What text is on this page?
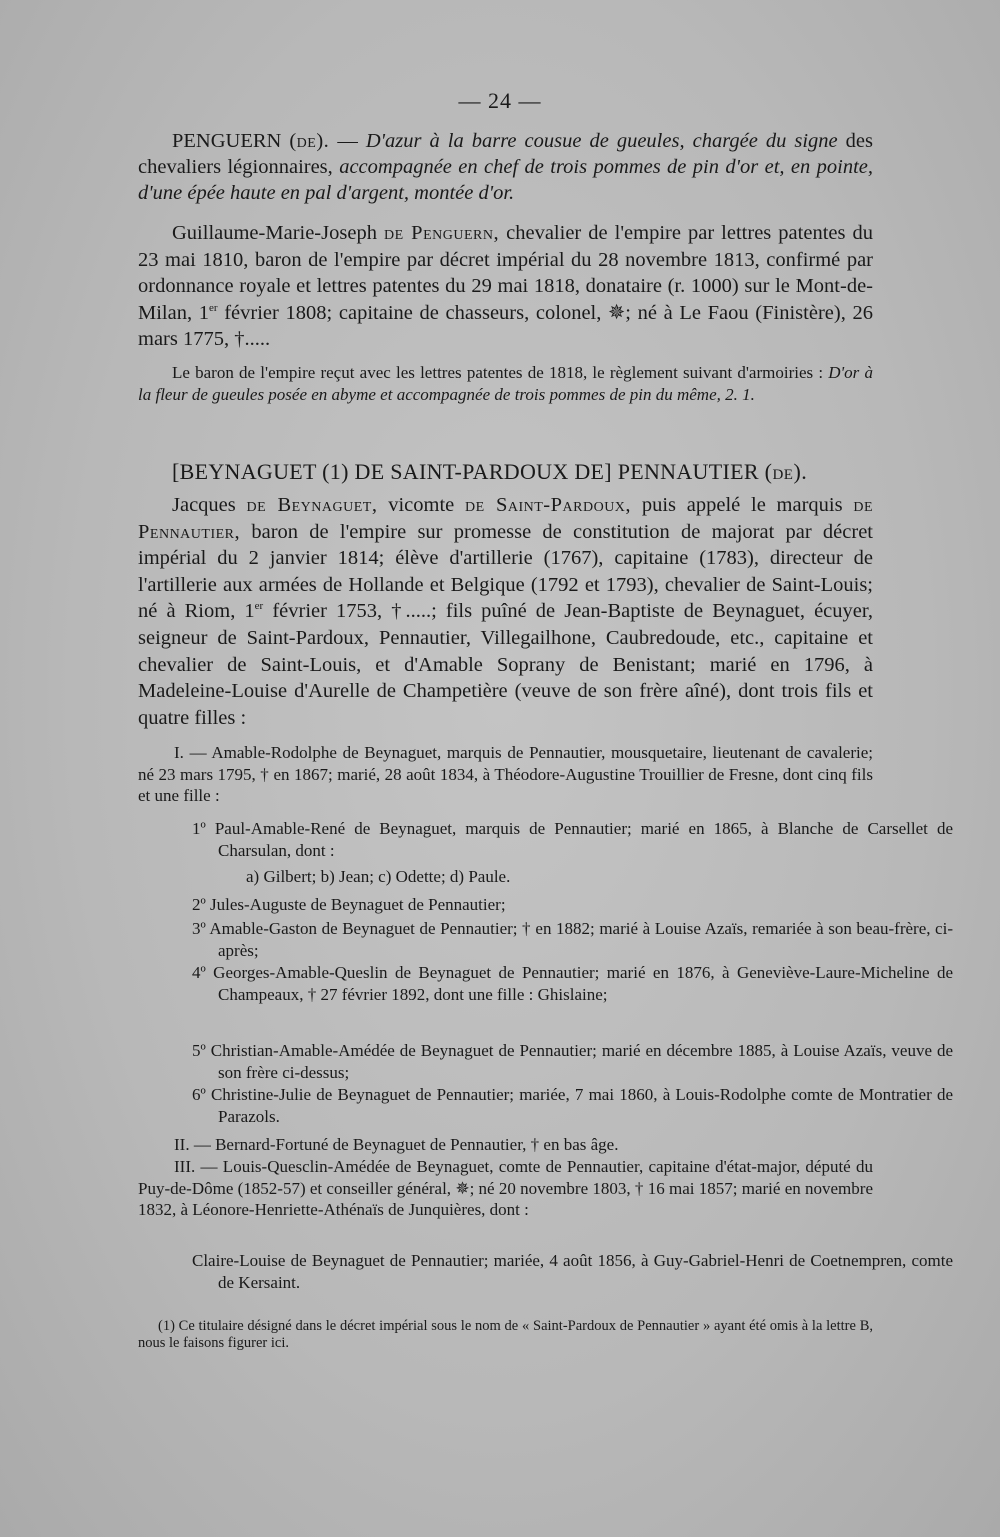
— 24 —

PENGUERN (de). — D'azur à la barre cousue de gueules, chargée du signe des chevaliers légionnaires, accompagnée en chef de trois pommes de pin d'or et, en pointe, d'une épée haute en pal d'argent, montée d'or.

Guillaume-Marie-Joseph de Penguern, chevalier de l'empire par lettres patentes du 23 mai 1810, baron de l'empire par décret impérial du 28 novembre 1813, confirmé par ordonnance royale et lettres patentes du 29 mai 1818, donataire (r. 1000) sur le Mont-de-Milan, 1er février 1808; capitaine de chasseurs, colonel, ✵; né à Le Faou (Finistère), 26 mars 1775, †.....

Le baron de l'empire reçut avec les lettres patentes de 1818, le règlement suivant d'armoiries : D'or à la fleur de gueules posée en abyme et accompagnée de trois pommes de pin du même, 2. 1.

[BEYNAGUET (1) DE SAINT-PARDOUX DE] PENNAUTIER (de).

Jacques de Beynaguet, vicomte de Saint-Pardoux, puis appelé le marquis de Pennautier, baron de l'empire sur promesse de constitution de majorat par décret impérial du 2 janvier 1814; élève d'artillerie (1767), capitaine (1783), directeur de l'artillerie aux armées de Hollande et Belgique (1792 et 1793), chevalier de Saint-Louis; né à Riom, 1er février 1753, †.....; fils puîné de Jean-Baptiste de Beynaguet, écuyer, seigneur de Saint-Pardoux, Pennautier, Villegailhone, Caubredoude, etc., capitaine et chevalier de Saint-Louis, et d'Amable Soprany de Benistant; marié en 1796, à Madeleine-Louise d'Aurelle de Champetière (veuve de son frère aîné), dont trois fils et quatre filles :

I. — Amable-Rodolphe de Beynaguet, marquis de Pennautier, mousquetaire, lieutenant de cavalerie; né 23 mars 1795, † en 1867; marié, 28 août 1834, à Théodore-Augustine Trouillier de Fresne, dont cinq fils et une fille :

1º Paul-Amable-René de Beynaguet, marquis de Pennautier; marié en 1865, à Blanche de Carsellet de Charsulan, dont :

a) Gilbert; b) Jean; c) Odette; d) Paule.

2º Jules-Auguste de Beynaguet de Pennautier;

3º Amable-Gaston de Beynaguet de Pennautier; † en 1882; marié à Louise Azaïs, remariée à son beau-frère, ci-après;

4º Georges-Amable-Queslin de Beynaguet de Pennautier; marié en 1876, à Geneviève-Laure-Micheline de Champeaux, † 27 février 1892, dont une fille : Ghislaine;

5º Christian-Amable-Amédée de Beynaguet de Pennautier; marié en décembre 1885, à Louise Azaïs, veuve de son frère ci-dessus;

6º Christine-Julie de Beynaguet de Pennautier; mariée, 7 mai 1860, à Louis-Rodolphe comte de Montratier de Parazols.

II. — Bernard-Fortuné de Beynaguet de Pennautier, † en bas âge.

III. — Louis-Quesclin-Amédée de Beynaguet, comte de Pennautier, capitaine d'état-major, député du Puy-de-Dôme (1852-57) et conseiller général, ✵; né 20 novembre 1803, † 16 mai 1857; marié en novembre 1832, à Léonore-Henriette-Athénaïs de Junquières, dont :

Claire-Louise de Beynaguet de Pennautier; mariée, 4 août 1856, à Guy-Gabriel-Henri de Coetnempren, comte de Kersaint.

(1) Ce titulaire désigné dans le décret impérial sous le nom de « Saint-Pardoux de Pennautier » ayant été omis à la lettre B, nous le faisons figurer ici.
